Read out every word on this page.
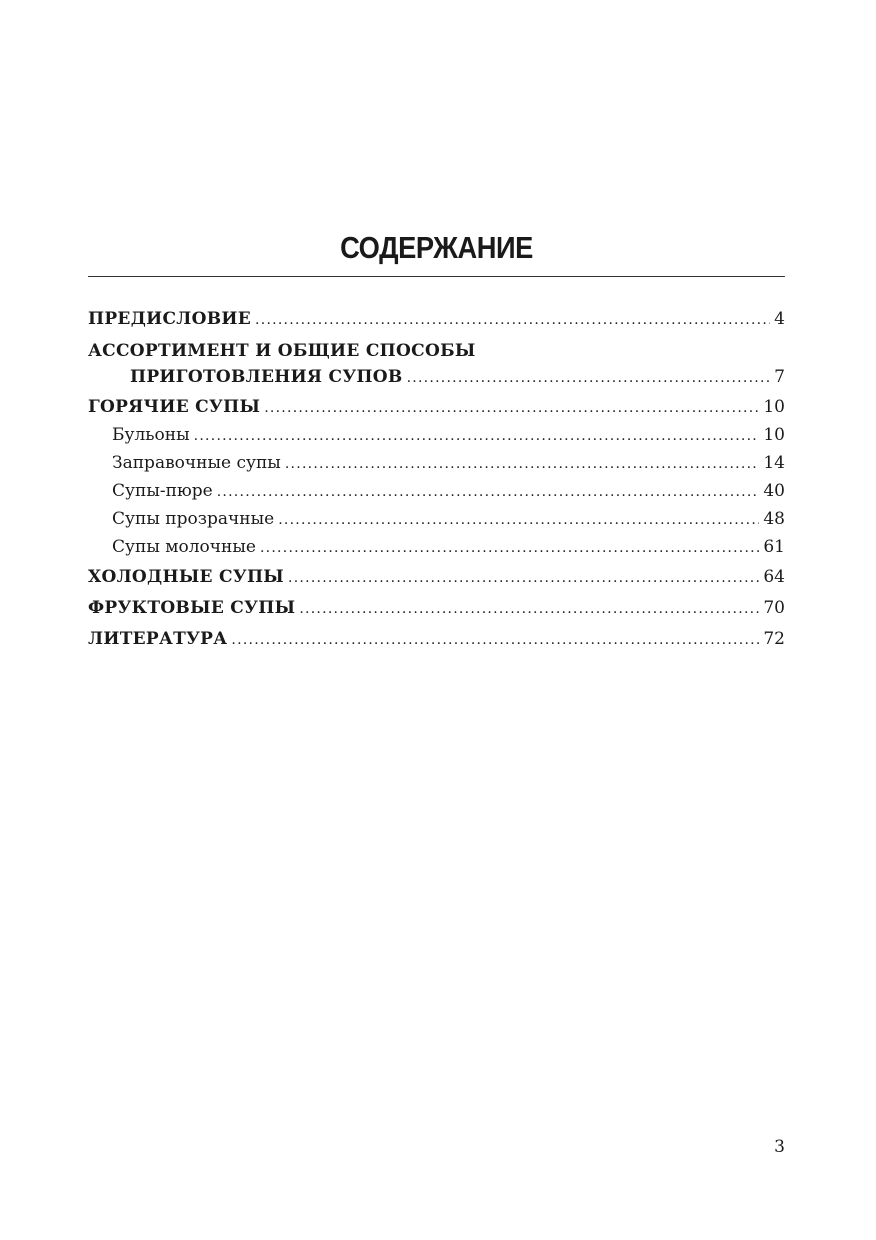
СОДЕРЖАНИЕ
ПРЕДИСЛОВИЕ . . .	4
АССОРТИМЕНТ И ОБЩИЕ СПОСОБЫ
ПРИГОТОВЛЕНИЯ СУПОВ . . .	7
ГОРЯЧИЕ СУПЫ . . .	10
Бульоны . . .	10
Заправочные супы . . .	14
Супы-пюре . . .	40
Супы прозрачные . . .	48
Супы молочные . . .	61
ХОЛОДНЫЕ СУПЫ . . .	64
ФРУКТОВЫЕ СУПЫ . . .	70
ЛИТЕРАТУРА . . .	72
3
